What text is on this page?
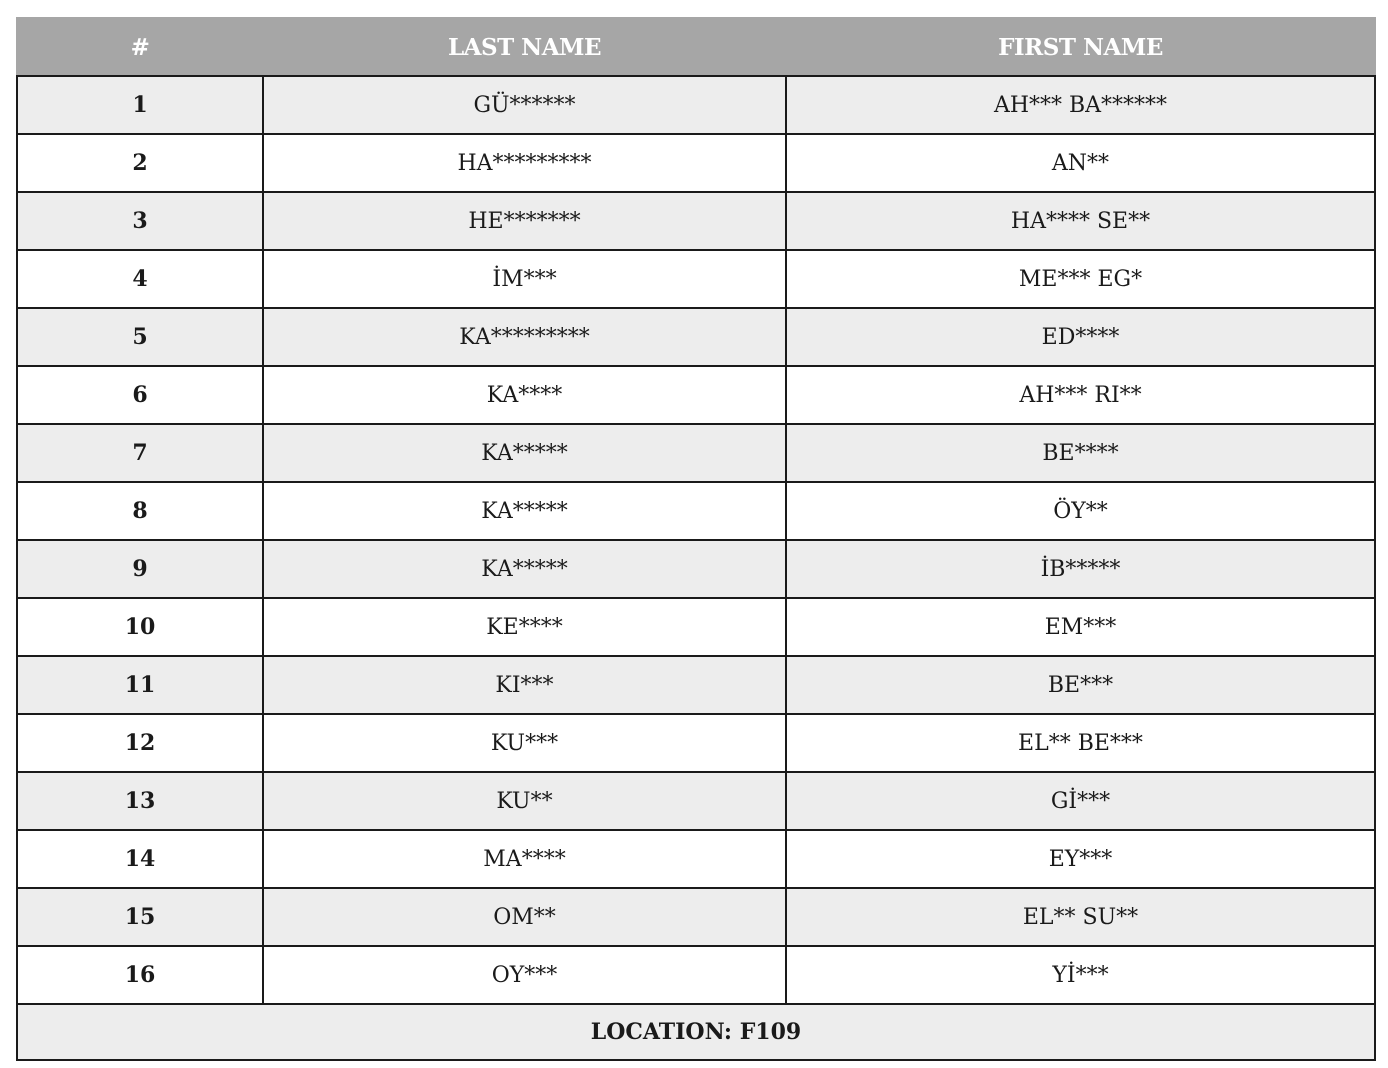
#	LAST NAME	FIRST NAME
1	GÜ******	AH*** BA******
2	HA*********	AN**
3	HE*******	HA**** SE**
4	İM***	ME*** EG*
5	KA*********	ED****
6	KA****	AH*** RI**
7	KA*****	BE****
8	KA*****	ÖY**
9	KA*****	İB*****
10	KE****	EM***
11	KI***	BE***
12	KU***	EL** BE***
13	KU**	Gİ***
14	MA****	EY***
15	OM**	EL** SU**
16	OY***	Yİ***
LOCATION: F109		
